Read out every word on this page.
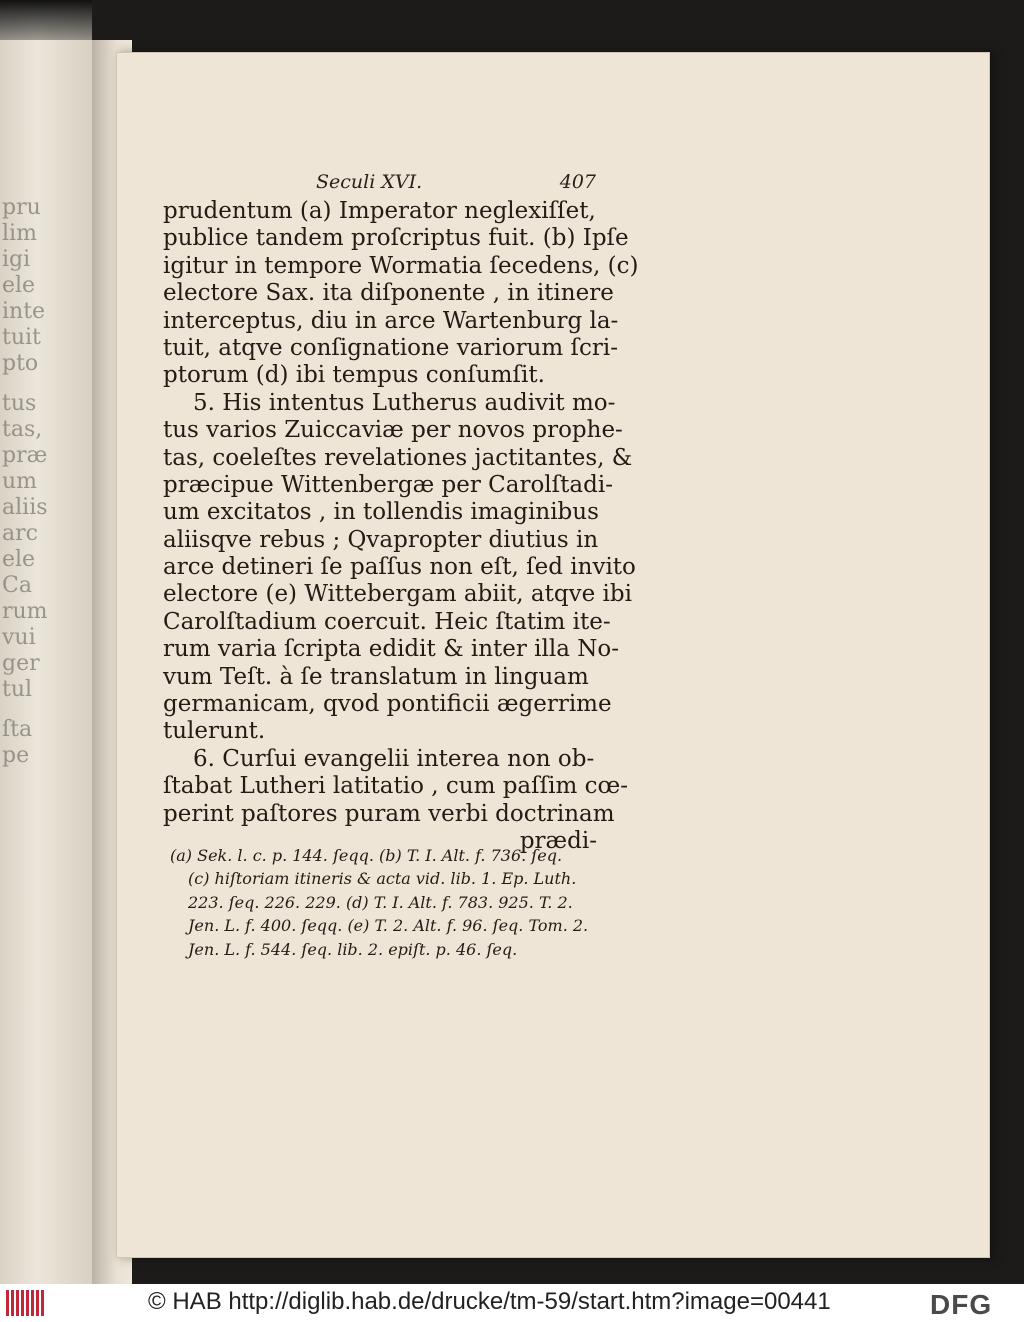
pru
lim
igi
ele
inte
tuit
pto
tus
tas,
præ
um
aliis
arc
ele
Ca
rum
vui
ger
tul
ſta
pe
Seculi XVI.	407
prudentum (a) Imperator neglexiſſet,
publice tandem proſcriptus fuit. (b) Ipſe
igitur in tempore Wormatia ſecedens, (c)
electore Sax. ita diſponente , in itinere
interceptus, diu in arce Wartenburg la-
tuit, atqve conſignatione variorum ſcri-
ptorum (d) ibi tempus conſumſit.
5. His intentus Lutherus audivit mo-
tus varios Zuiccaviæ per novos prophe-
tas, coeleſtes revelationes jactitantes, &
præcipue Wittenbergæ per Carolſtadi-
um excitatos , in tollendis imaginibus
aliisqve rebus ; Qvapropter diutius in
arce detineri ſe paſſus non eſt, ſed invito
electore (e) Wittebergam abiit, atqve ibi
Carolſtadium coercuit. Heic ſtatim ite-
rum varia ſcripta edidit & inter illa No-
vum Teſt. à ſe translatum in linguam
germanicam, qvod pontificii ægerrime
tulerunt.
6. Curſui evangelii interea non ob-
ſtabat Lutheri latitatio , cum paſſim cœ-
perint paſtores puram verbi doctrinam
prædi-
(a) Sek. l. c. p. 144. ſeqq. (b) T. I. Alt. f. 736. ſeq.
(c) hiſtoriam itineris & acta vid. lib. 1. Ep. Luth.
223. ſeq. 226. 229. (d) T. I. Alt. f. 783. 925. T. 2.
Jen. L. f. 400. ſeqq. (e) T. 2. Alt. f. 96. ſeq. Tom. 2.
Jen. L. f. 544. ſeq. lib. 2. epiſt. p. 46. ſeq.
© HAB http://diglib.hab.de/drucke/tm-59/start.htm?image=00441	DFG
